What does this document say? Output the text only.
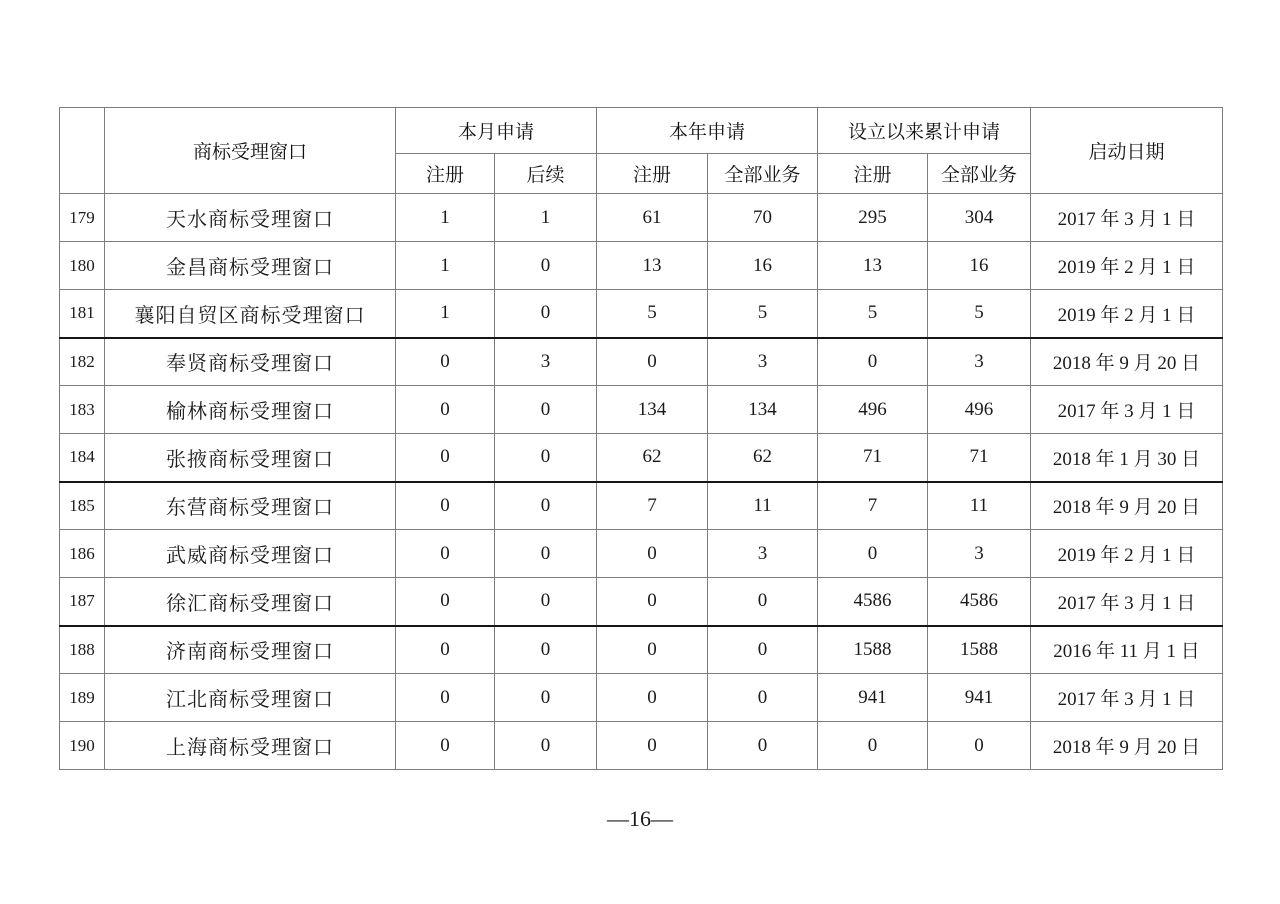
	商标受理窗口	本月申请		本年申请		设立以来累计申请		启动日期
		注册	后续	注册	全部业务	注册	全部业务	
179	天水商标受理窗口	1	1	61	70	295	304	2017 年 3 月 1 日
180	金昌商标受理窗口	1	0	13	16	13	16	2019 年 2 月 1 日
181	襄阳自贸区商标受理窗口	1	0	5	5	5	5	2019 年 2 月 1 日
182	奉贤商标受理窗口	0	3	0	3	0	3	2018 年 9 月 20 日
183	榆林商标受理窗口	0	0	134	134	496	496	2017 年 3 月 1 日
184	张掖商标受理窗口	0	0	62	62	71	71	2018 年 1 月 30 日
185	东营商标受理窗口	0	0	7	11	7	11	2018 年 9 月 20 日
186	武威商标受理窗口	0	0	0	3	0	3	2019 年 2 月 1 日
187	徐汇商标受理窗口	0	0	0	0	4586	4586	2017 年 3 月 1 日
188	济南商标受理窗口	0	0	0	0	1588	1588	2016 年 11 月 1 日
189	江北商标受理窗口	0	0	0	0	941	941	2017 年 3 月 1 日
190	上海商标受理窗口	0	0	0	0	0	0	2018 年 9 月 20 日
—16—
